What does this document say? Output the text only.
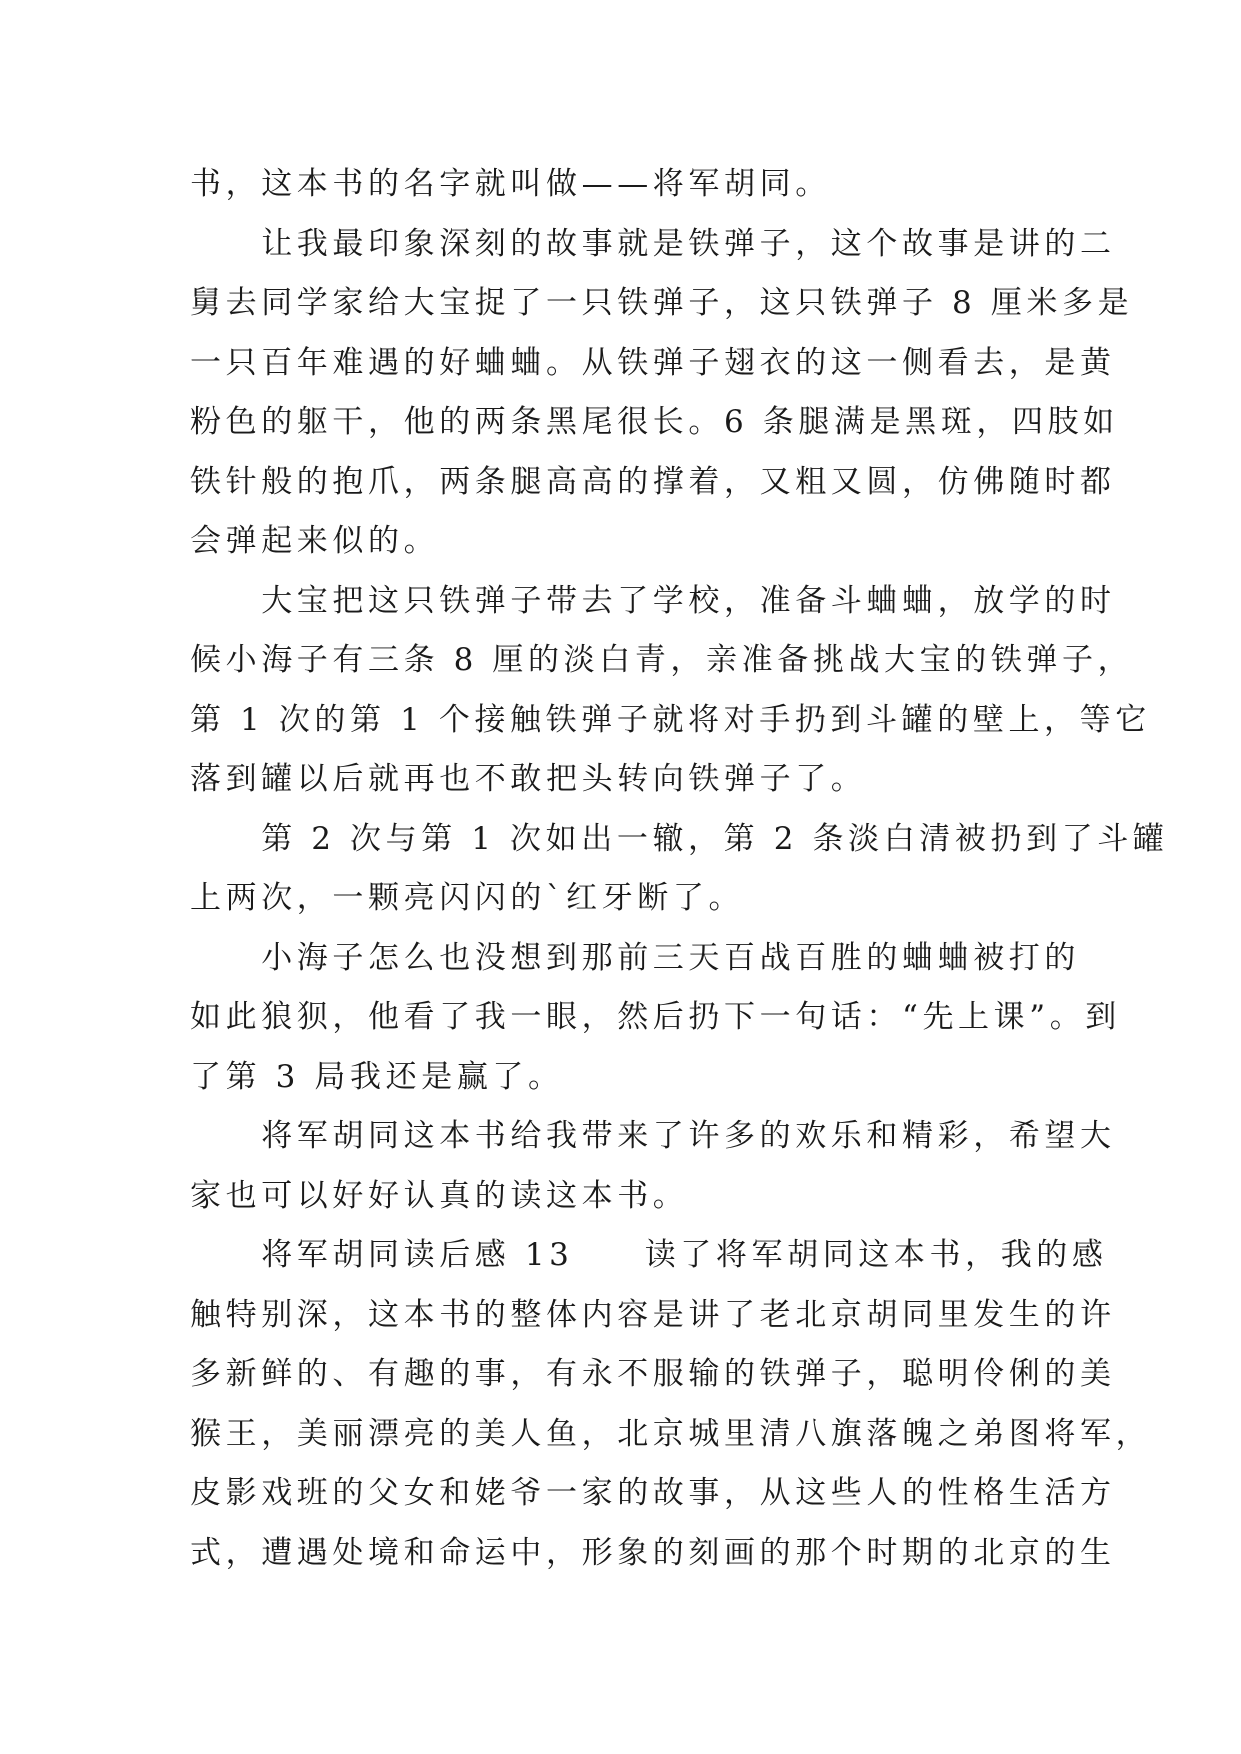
书，这本书的名字就叫做——将军胡同。
　　让我最印象深刻的故事就是铁弹子，这个故事是讲的二
舅去同学家给大宝捉了一只铁弹子，这只铁弹子 8 厘米多是
一只百年难遇的好蛐蛐。从铁弹子翅衣的这一侧看去，是黄
粉色的躯干，他的两条黑尾很长。6 条腿满是黑斑，四肢如
铁针般的抱爪，两条腿高高的撑着，又粗又圆，仿佛随时都
会弹起来似的。
　　大宝把这只铁弹子带去了学校，准备斗蛐蛐，放学的时
候小海子有三条 8 厘的淡白青，亲准备挑战大宝的铁弹子，
第 1 次的第 1 个接触铁弹子就将对手扔到斗罐的壁上，等它
落到罐以后就再也不敢把头转向铁弹子了。
　　第 2 次与第 1 次如出一辙，第 2 条淡白清被扔到了斗罐
上两次，一颗亮闪闪的`红牙断了。
　　小海子怎么也没想到那前三天百战百胜的蛐蛐被打的
如此狼狈，他看了我一眼，然后扔下一句话：“先上课”。到
了第 3 局我还是赢了。
　　将军胡同这本书给我带来了许多的欢乐和精彩，希望大
家也可以好好认真的读这本书。
　　将军胡同读后感 13　　读了将军胡同这本书，我的感
触特别深，这本书的整体内容是讲了老北京胡同里发生的许
多新鲜的、有趣的事，有永不服输的铁弹子，聪明伶俐的美
猴王，美丽漂亮的美人鱼，北京城里清八旗落魄之弟图将军，
皮影戏班的父女和姥爷一家的故事，从这些人的性格生活方
式，遭遇处境和命运中，形象的刻画的那个时期的北京的生
